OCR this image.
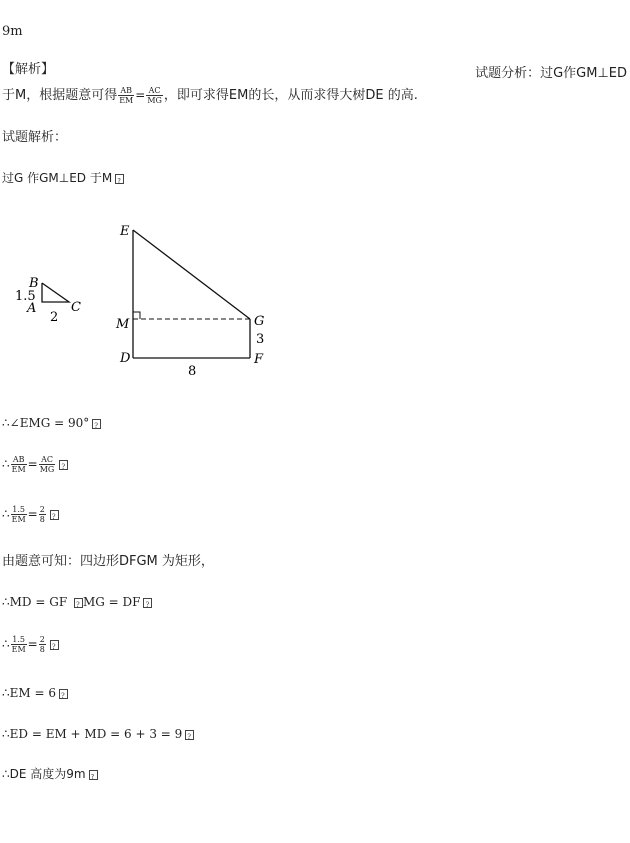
9m
【解析】	试题分析：过G作GM⊥ED
于M，根据题意可得 $\frac{AB}{EM} = \frac{AC}{MG}$ ，即可求得EM的长，从而求得大树DE 的高.
试题解析：
过G 作GM⊥ED 于M?
B
A	C
1.5
2
E
M
D
G
F
3
8
∴∠EMG = 90°?
∴ $\frac{AB}{EM} = \frac{AC}{MG}$
?
∴ $\frac{1.5}{EM} = \frac{2}{8}$
?
由题意可知：四边形DFGM 为矩形，
∴MD = GF ?MG = DF?
∴ $\frac{1.5}{EM} = \frac{2}{8}$
?
∴EM = 6?
∴ED = EM + MD = 6 + 3 = 9?
∴DE 高度为9m?
